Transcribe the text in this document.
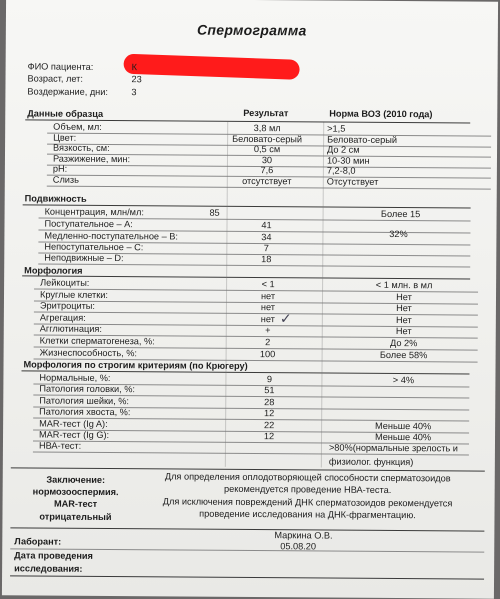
Спермограмма
ФИО пациента:	К
Возраст, лет:	23
Воздержание, дни:	3
Данные образца	Результат	Норма ВОЗ (2010 года)
Объем, мл:	3,8 мл	>1,5
Цвет:	Беловато-серый	Беловато-серый
Вязкость, см:	0,5 см	До 2 см
Разжижение, мин:	30	10-30 мин
pH:	7,6	7,2-8,0
Слизь	отсутствует	Отсутствует
Подвижность
Концентрация, млн/мл:	85	Более 15
Поступательное – А:	41
Медленно-поступательное – В:	34	32%
Непоступательное – С:	7
Неподвижные – D:	18
Морфология
Лейкоциты:	< 1	< 1 млн. в мл
Круглые клетки:	нет	Нет
Эритроциты:	нет	Нет
Агрегация:	нет	Нет
Агглютинация:	+	Нет
Клетки сперматогенеза, %:	2	До 2%
Жизнеспособность, %:	100	Более 58%
Морфология по строгим критериям (по Крюгеру)
Нормальные, %:	9	> 4%
Патология головки, %:	51
Патология шейки, %:	28
Патология хвоста, %:	12
MAR-тест (Ig A):	22	Меньше 40%
MAR-тест (Ig G):	12	Меньше 40%
НВА-тест:	>80%(нормальные зрелость и
физиолог. функция)
✓
Заключение:
нормозооспермия.
MAR-тест
отрицательный
Для определения оплодотворяющей способности сперматозоидов
рекомендуется проведение НВА-теста.
Для исключения повреждений ДНК сперматозоидов рекомендуется
проведение исследования на ДНК-фрагментацию.
Лаборант:
Маркина О.В.
05.08.20
Дата проведения
исследования:
